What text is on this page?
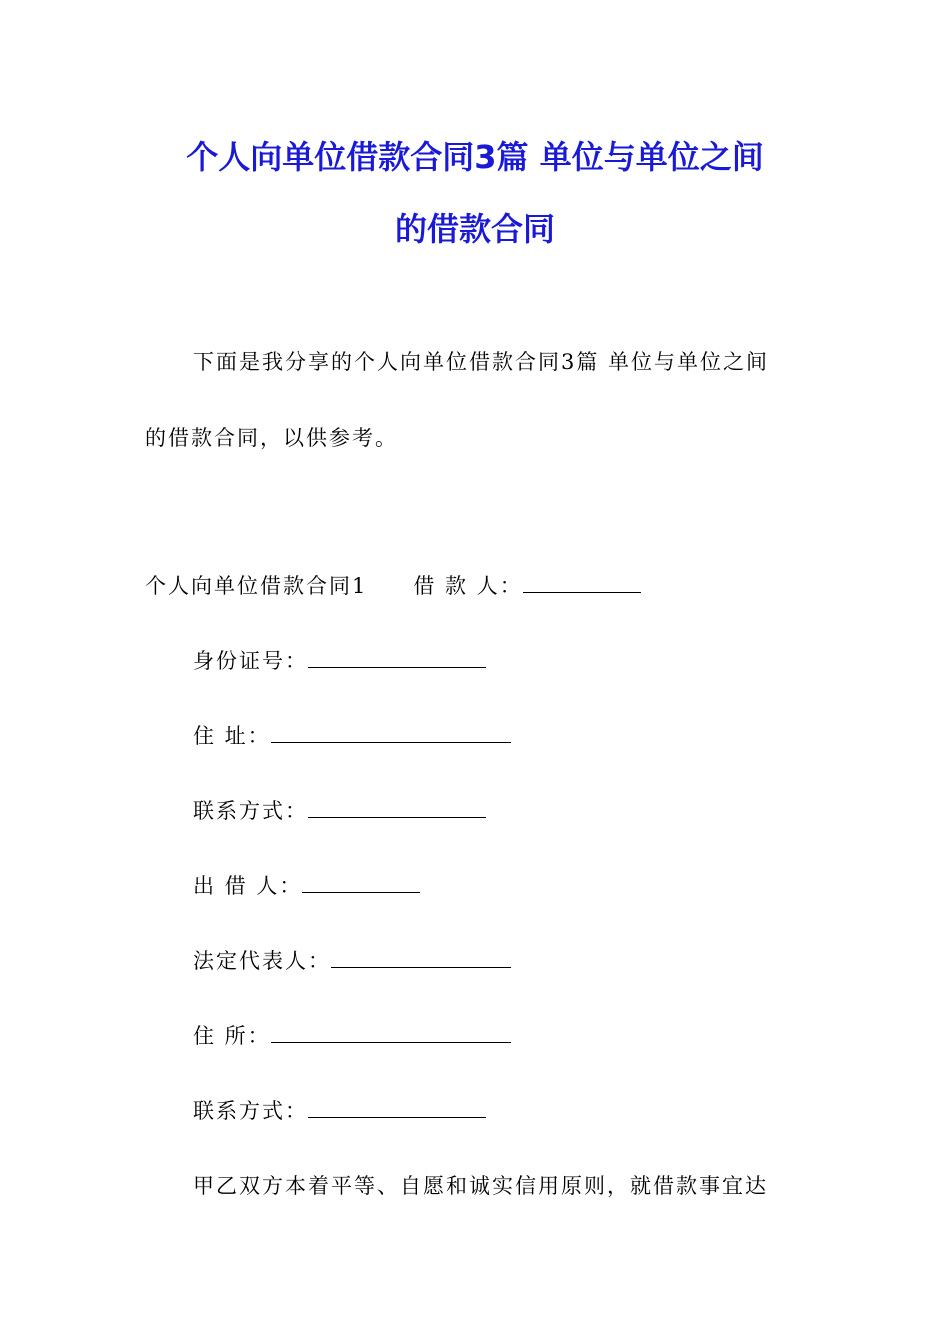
个人向单位借款合同3篇 单位与单位之间
的借款合同

下面是我分享的个人向单位借款合同3篇 单位与单位之间

的借款合同，以供参考。

个人向单位借款合同1 借 款 人：

身份证号：

住 址：

联系方式：

出 借 人：

法定代表人：

住 所：

联系方式：

甲乙双方本着平等、自愿和诚实信用原则，就借款事宜达
